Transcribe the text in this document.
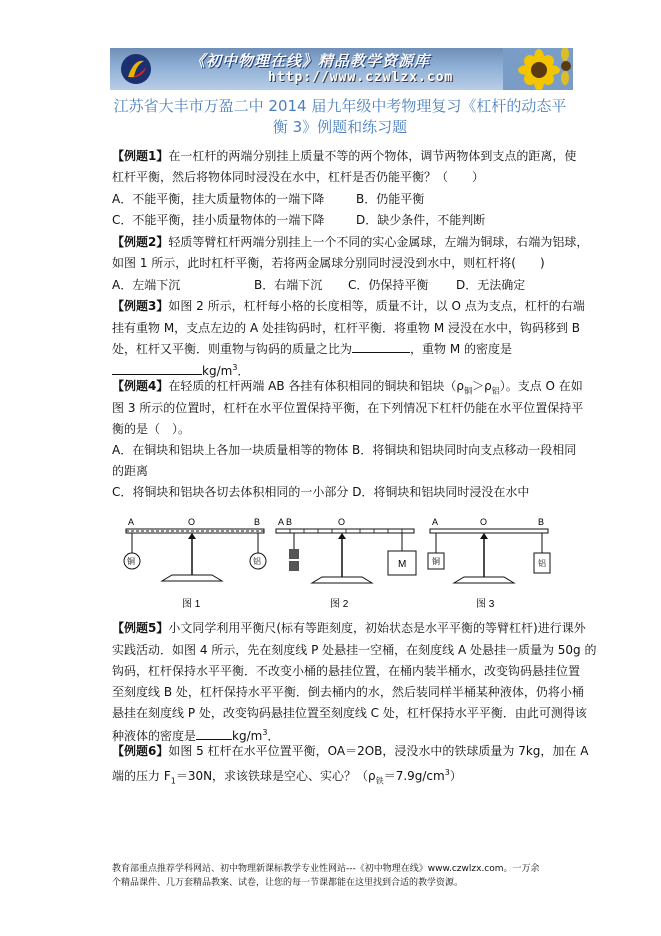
《初中物理在线》精品教学资源库
http://www.czwlzx.com
江苏省大丰市万盈二中 2014 届九年级中考物理复习《杠杆的动态平
衡 3》例题和练习题
【例题1】在一杠杆的两端分别挂上质量不等的两个物体，调节两物体到支点的距离，使
杠杆平衡，然后将物体同时浸没在水中，杠杆是否仍能平衡？（　　）
A．不能平衡，挂大质量物体的一端下降	B．仍能平衡
C．不能平衡，挂小质量物体的一端下降	D．缺少条件，不能判断
【例题2】轻质等臂杠杆两端分别挂上一个不同的实心金属球，左端为铜球，右端为铝球，
如图 1 所示，此时杠杆平衡，若将两金属球分别同时浸没到水中，则杠杆将(　　)
A．左端下沉	B．右端下沉 C．仍保持平衡 D．无法确定
【例题3】如图 2 所示，杠杆每小格的长度相等，质量不计，以 O 点为支点，杠杆的右端
挂有重物 M，支点左边的 A 处挂钩码时，杠杆平衡．将重物 M 浸没在水中，钩码移到 B
处，杠杆又平衡．则重物与钩码的质量之比为	，重物 M 的密度是
$kg/m^3$．
【例题4】在轻质的杠杆两端 AB 各挂有体积相同的铜块和铝块$(\rho_铜>\rho_铝)$。支点 O 在如
图 3 所示的位置时，杠杆在水平位置保持平衡，在下列情况下杠杆仍能在水平位置保持平
衡的是（　）。
A．在铜块和铝块上各加一块质量相等的物体 B．将铜块和铝块同时向支点移动一段相同
的距离
C．将铜块和铝块各切去体积相同的一小部分 D．将铜块和铝块同时浸没在水中
A	O	B
铜	铝
图 1
A B	O
M
图 2
A	O	B
铜	铝
图 3
【例题5】小文同学利用平衡尺(标有等距刻度，初始状态是水平平衡的等臂杠杆)进行课外
实践活动．如图 4 所示，先在刻度线 P 处悬挂一空桶，在刻度线 A 处悬挂一质量为 50g 的
钩码，杠杆保持水平平衡．不改变小桶的悬挂位置，在桶内装半桶水，改变钩码悬挂位置
至刻度线 B 处，杠杆保持水平平衡．倒去桶内的水，然后装同样半桶某种液体，仍将小桶
悬挂在刻度线 P 处，改变钩码悬挂位置至刻度线 C 处，杠杆保持水平平衡．由此可测得该
种液体的密度是	$kg/m^3$．
【例题6】如图 5 杠杆在水平位置平衡，OA＝2OB，浸没水中的铁球质量为 7kg，加在 A
端的压力 $F_1=30N$，求该铁球是空心、实心？$(\rho_铁=7.9g/cm^3)$
教育部重点推荐学科网站、初中物理新课标教学专业性网站---《初中物理在线》www.czwlzx.com。一万余
个精品课件、几万套精品教案、试卷，让您的每一节课都能在这里找到合适的教学资源。
